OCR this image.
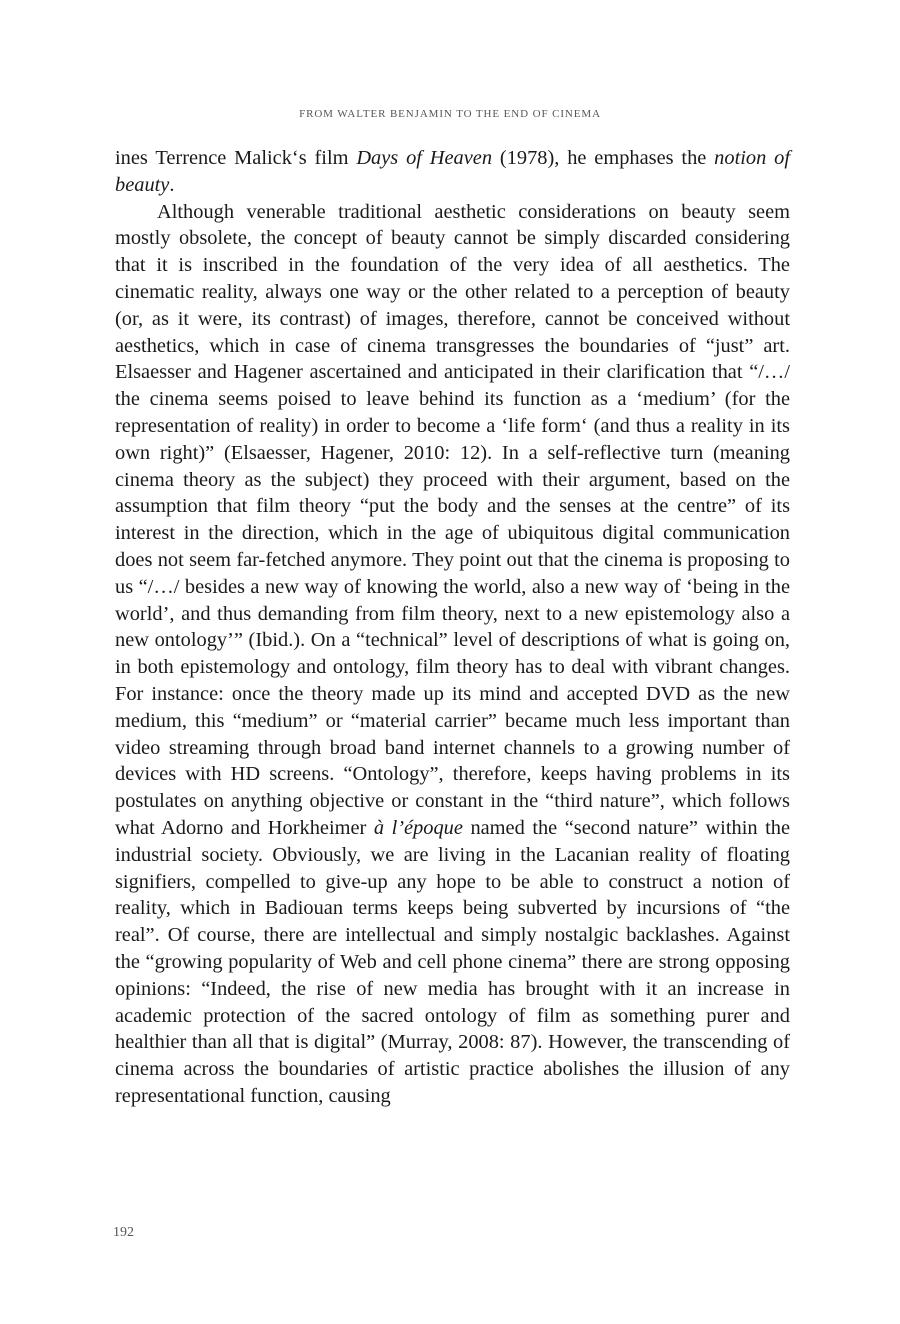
FROM WALTER BENJAMIN TO THE END OF CINEMA

ines Terrence Malick‘s film Days of Heaven (1978), he emphases the notion of beauty.

Although venerable traditional aesthetic considerations on beauty seem mostly obsolete, the concept of beauty cannot be simply discarded considering that it is inscribed in the foundation of the very idea of all aesthetics. The cinematic reality, always one way or the other related to a perception of beauty (or, as it were, its contrast) of images, therefore, cannot be conceived without aesthetics, which in case of cinema transgresses the boundaries of “just” art. Elsaesser and Hagener ascertained and anticipated in their clarification that “/…/ the cinema seems poised to leave behind its function as a ‘medium’ (for the representation of reality) in order to become a ‘life form‘ (and thus a reality in its own right)” (Elsaesser, Hagener, 2010: 12). In a self-reflective turn (meaning cinema theory as the subject) they proceed with their argument, based on the assumption that film theory “put the body and the senses at the centre” of its interest in the direction, which in the age of ubiquitous digital communication does not seem far-fetched anymore. They point out that the cinema is proposing to us “/…/ besides a new way of knowing the world, also a new way of ‘being in the world’, and thus demanding from film theory, next to a new epistemology also a new ontology’” (Ibid.). On a “technical” level of descriptions of what is going on, in both epistemology and ontology, film theory has to deal with vibrant changes. For instance: once the theory made up its mind and accepted DVD as the new medium, this “medium” or “material carrier” became much less important than video streaming through broad band internet channels to a growing number of devices with HD screens. “Ontology”, therefore, keeps having problems in its postulates on anything objective or constant in the “third nature”, which follows what Adorno and Horkheimer à l’époque named the “second nature” within the industrial society. Obviously, we are living in the Lacanian reality of floating signifiers, compelled to give-up any hope to be able to construct a notion of reality, which in Badiouan terms keeps being subverted by incursions of “the real”. Of course, there are intellectual and simply nostalgic backlashes. Against the “growing popularity of Web and cell phone cinema” there are strong opposing opinions: “Indeed, the rise of new media has brought with it an increase in academic protection of the sacred ontology of film as something purer and healthier than all that is digital” (Murray, 2008: 87). However, the transcending of cinema across the boundaries of artistic practice abolishes the illusion of any representational function, causing

192
